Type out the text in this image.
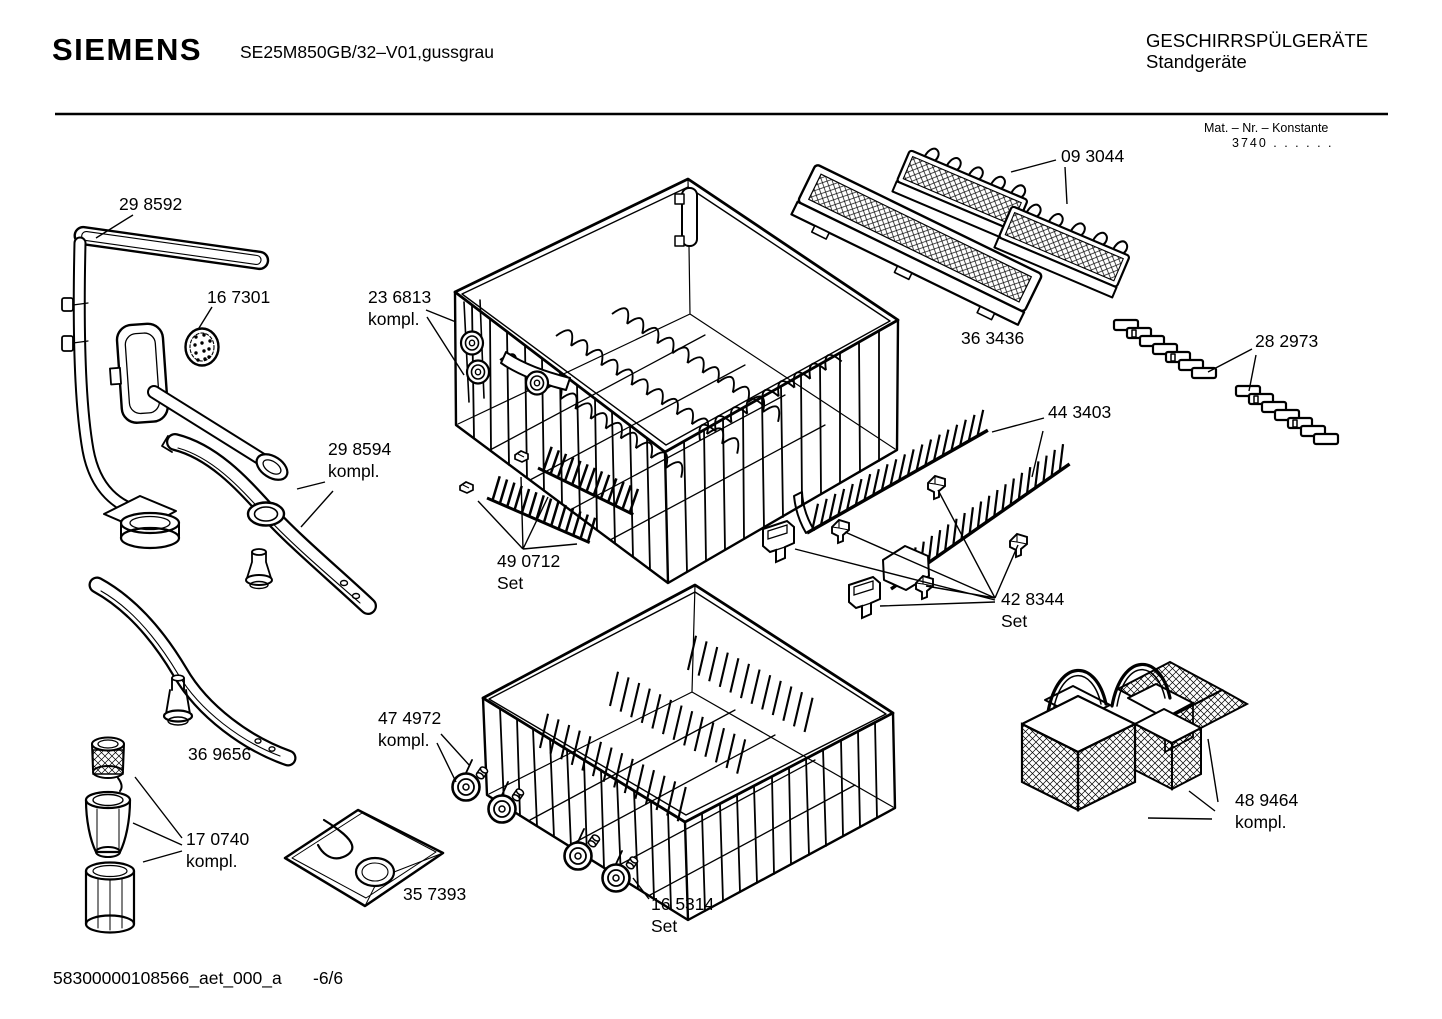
SIEMENS SE25M850GB/32–V01,gussgrau
GESCHIRRSPÜLGERÄTE
Standgeräte
Mat. – Nr. – Konstante
3740 . . . . . .
29 8592
16 7301	23 6813
kompl.
09 3044
36 3436	28 2973
44 3403
29 8594
kompl.
49 0712
Set
42 8344
Set
36 9656
47 4972
kompl.
17 0740
kompl.
35 7393	16 5314
Set
48 9464
kompl.
58300000108566_aet_000_a -6/6
